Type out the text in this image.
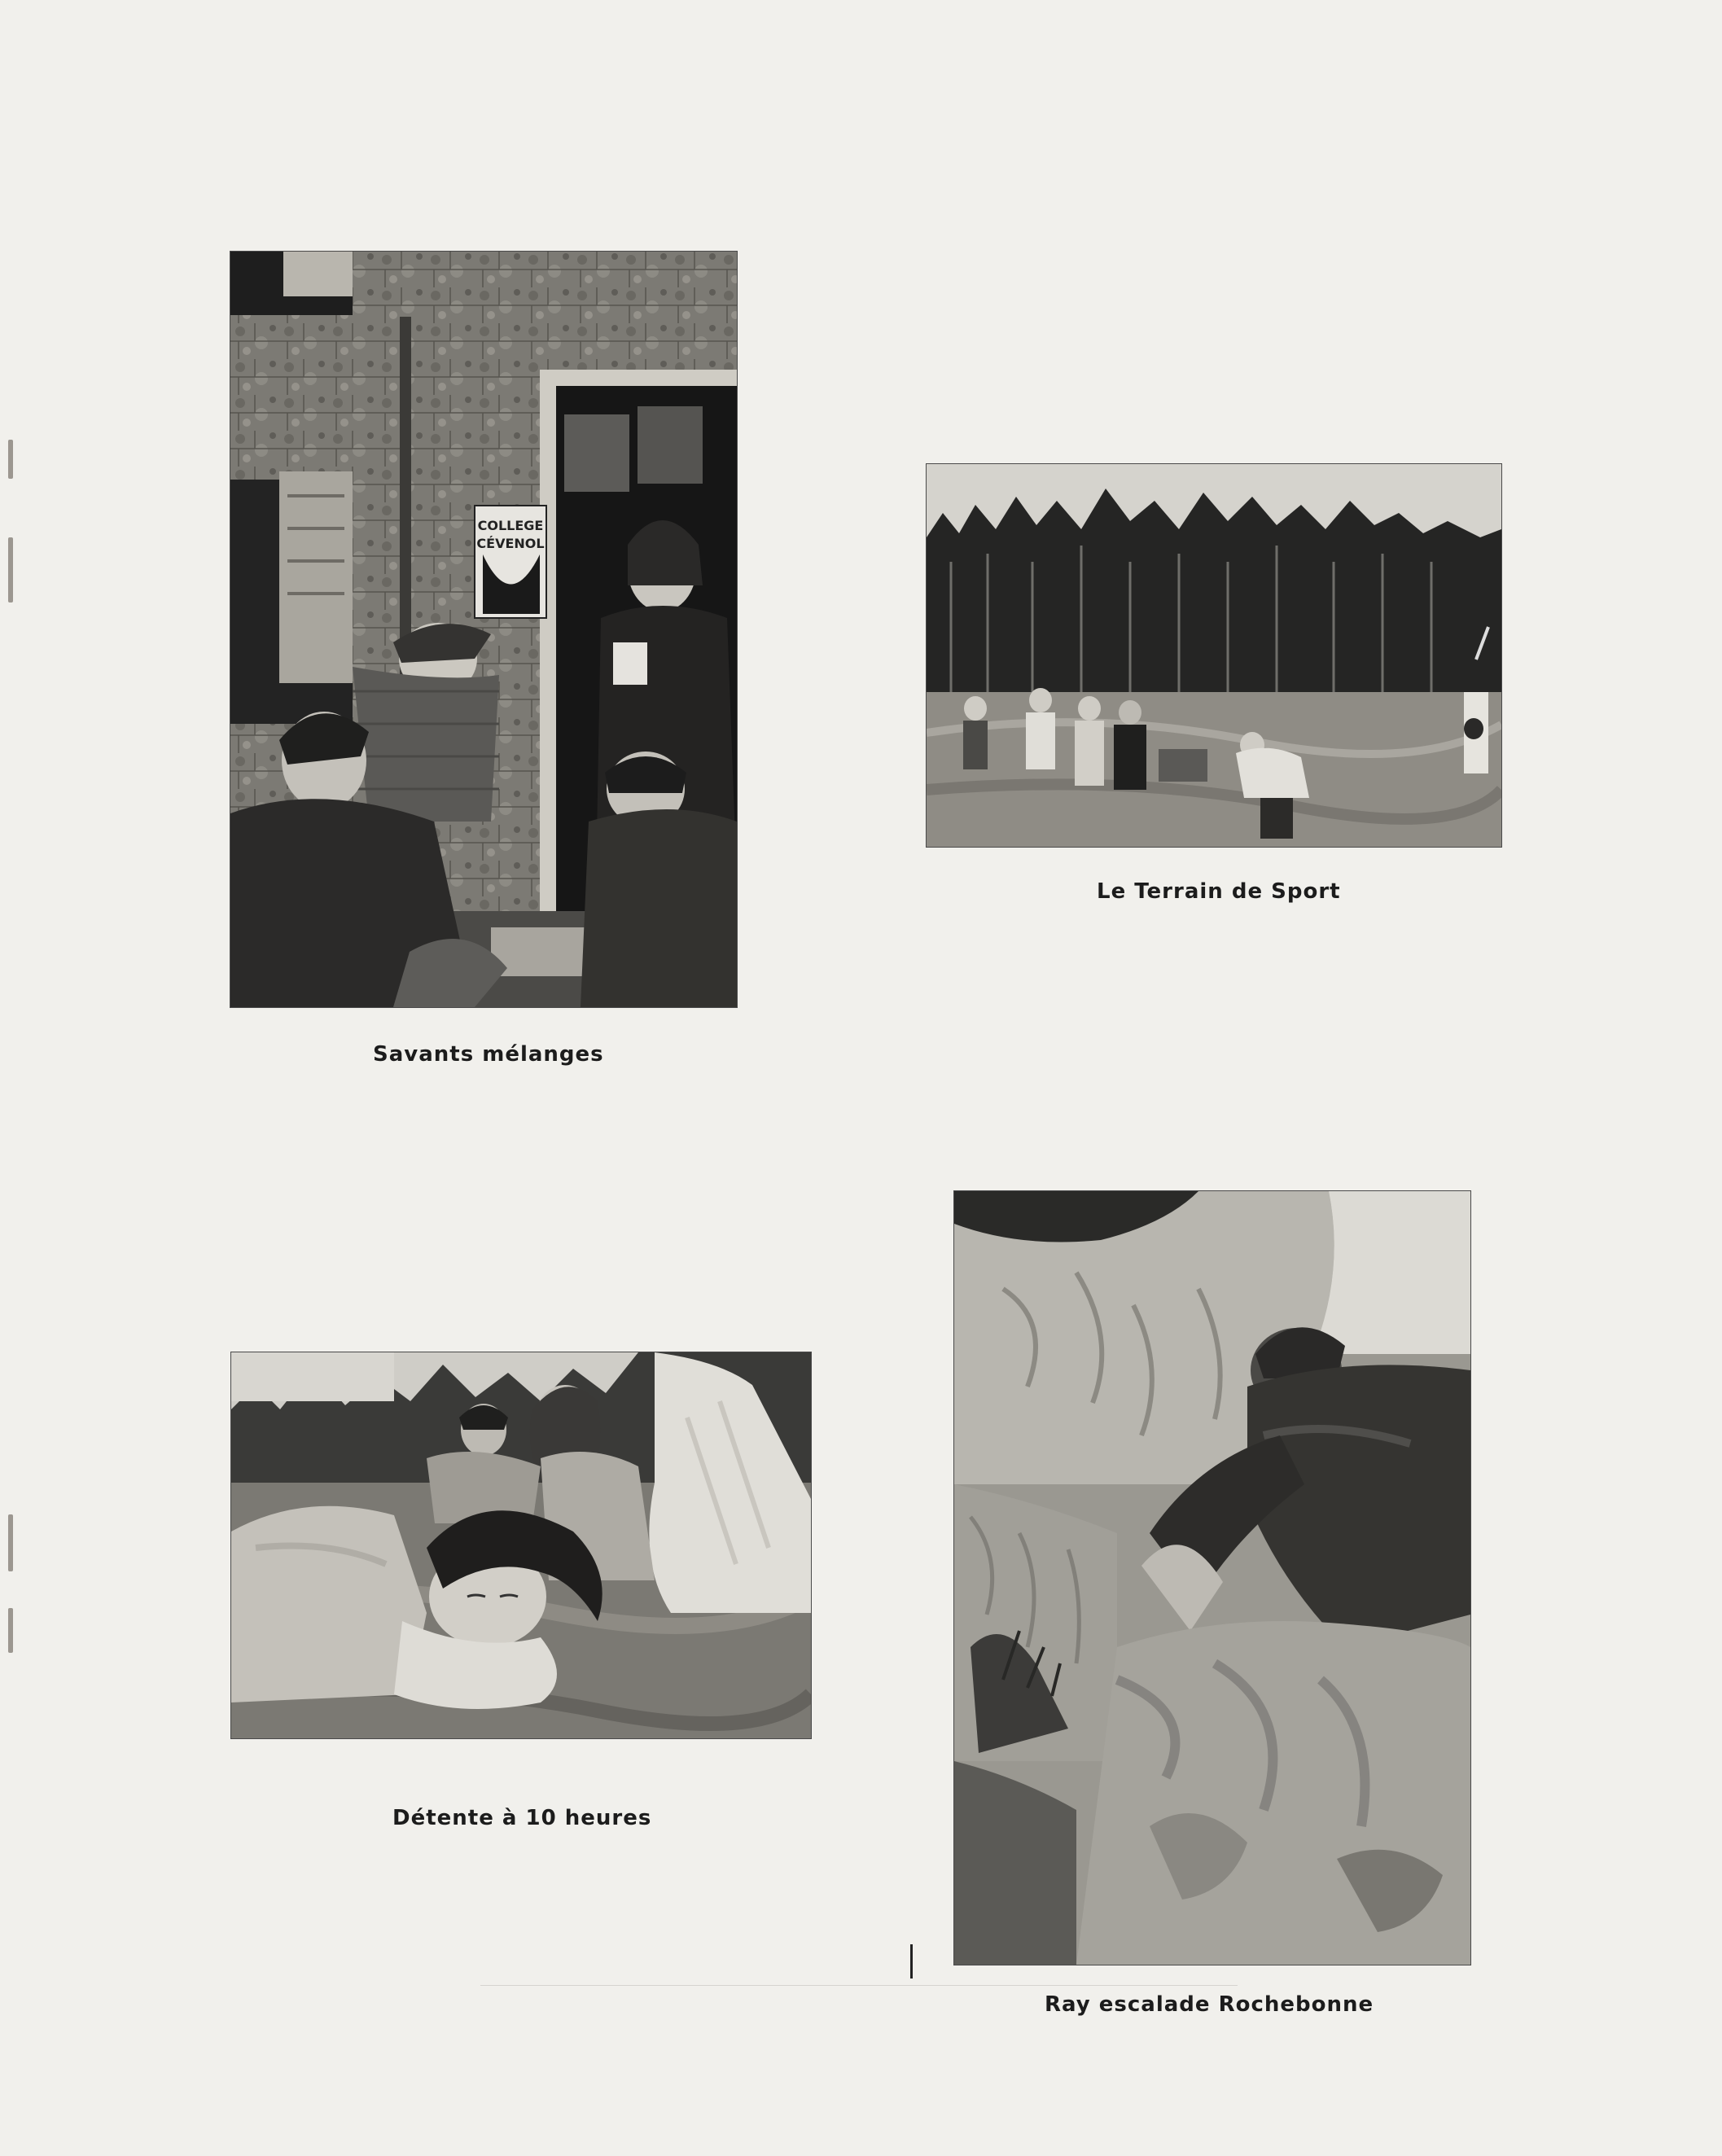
COLLEGE
CÉVENOL

Savants mélanges

Le Terrain de Sport

Détente à 10 heures

Ray escalade Rochebonne
